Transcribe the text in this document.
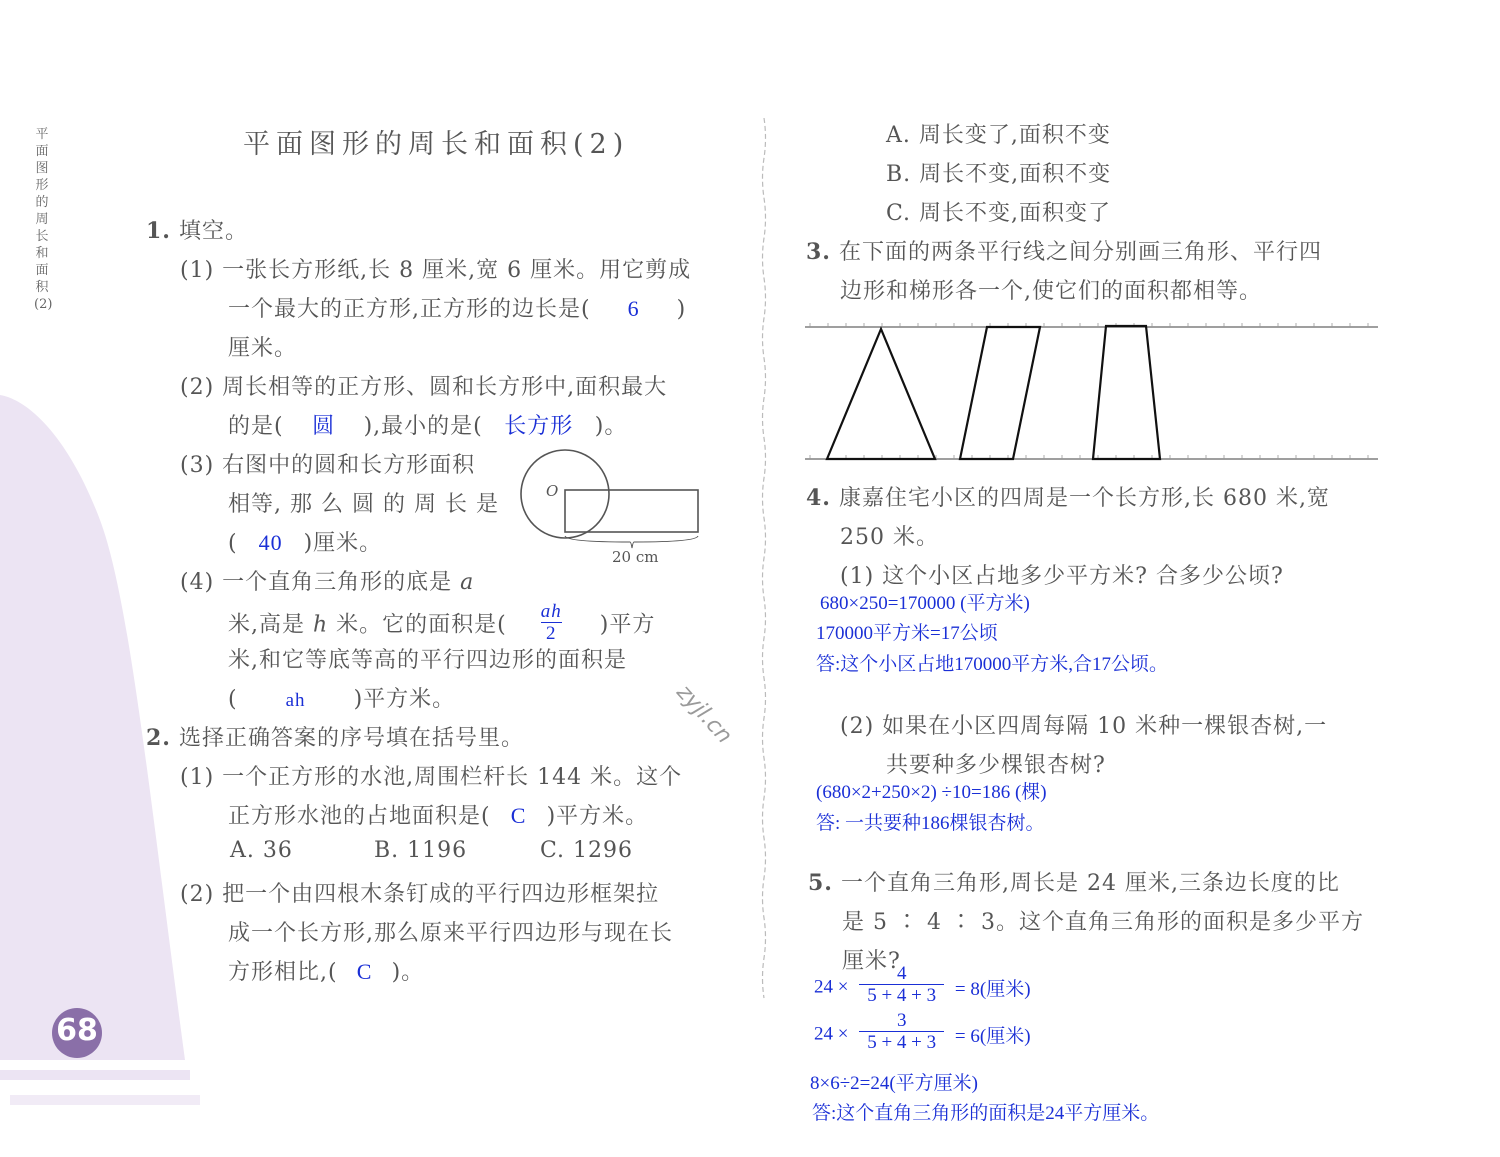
68
平面图形的周长和面积(2)
平面图形的周长和面积(2)
1. 填空。
(1) 一张长方形纸,长 8 厘米,宽 6 厘米。用它剪成
一个最大的正方形,正方形的边长是( 6 )
厘米。
(2) 周长相等的正方形、圆和长方形中,面积最大
的是( 圆 ),最小的是( 长方形 )。
(3) 右图中的圆和长方形面积
相等, 那 么 圆 的 周 长 是
( 40 )厘米。
O
20 cm
(4) 一个直角三角形的底是 a
米,高是 h 米。它的面积是( $\frac{ah}{2}$ )平方
米,和它等底等高的平行四边形的面积是
(	ah )平方米。
2. 选择正确答案的序号填在括号里。
(1) 一个正方形的水池,周围栏杆长 144 米。这个
正方形水池的占地面积是( C )平方米。
A. 36	B. 1196	C. 1296
(2) 把一个由四根木条钉成的平行四边形框架拉
成一个长方形,那么原来平行四边形与现在长
方形相比,( C )。
A. 周长变了,面积不变
B. 周长不变,面积不变
C. 周长不变,面积变了
3. 在下面的两条平行线之间分别画三角形、平行四
边形和梯形各一个,使它们的面积都相等。
4. 康嘉住宅小区的四周是一个长方形,长 680 米,宽
250 米。
(1) 这个小区占地多少平方米? 合多少公顷?
680×250=170000 (平方米)
170000平方米=17公顷
答:这个小区占地170000平方米,合17公顷。
(2) 如果在小区四周每隔 10 米种一棵银杏树,一
共要种多少棵银杏树?
(680×2+250×2) ÷10=186 (棵)
答: 一共要种186棵银杏树。
5. 一个直角三角形,周长是 24 厘米,三条边长度的比
是 5 ∶ 4 ∶ 3。这个直角三角形的面积是多少平方
厘米?
$24 \times \frac{4}{5 + 4 + 3} = 8$(厘米)
$24 \times \frac{3}{5 + 4 + 3} = 6$(厘米)
8×6÷2=24(平方厘米)
答:这个直角三角形的面积是24平方厘米。
zyjl.cn
